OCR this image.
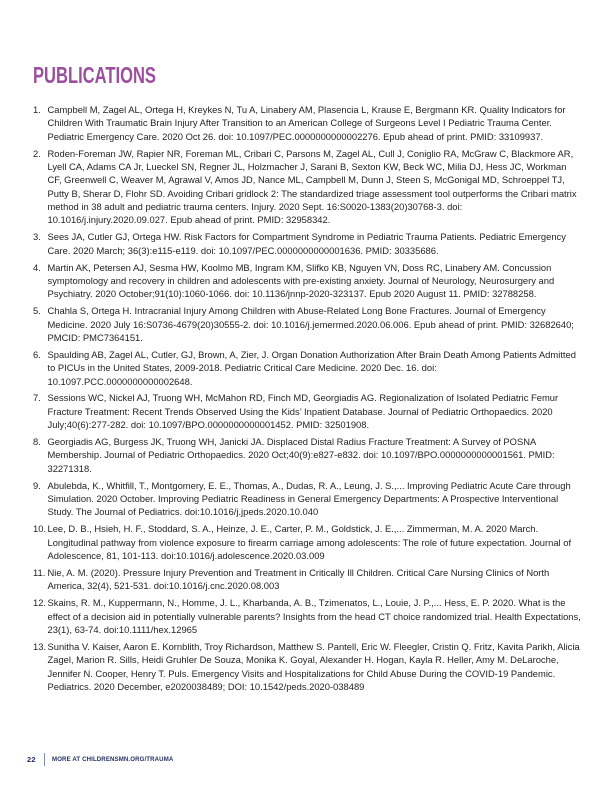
PUBLICATIONS
1. Campbell M, Zagel AL, Ortega H, Kreykes N, Tu A, Linabery AM, Plasencia L, Krause E, Bergmann KR. Quality Indicators for Children With Traumatic Brain Injury After Transition to an American College of Surgeons Level I Pediatric Trauma Center. Pediatric Emergency Care. 2020 Oct 26. doi: 10.1097/PEC.0000000000002276. Epub ahead of print. PMID: 33109937.
2. Roden-Foreman JW, Rapier NR, Foreman ML, Cribari C, Parsons M, Zagel AL, Cull J, Coniglio RA, McGraw C, Blackmore AR, Lyell CA, Adams CA Jr, Lueckel SN, Regner JL, Holzmacher J, Sarani B, Sexton KW, Beck WC, Milia DJ, Hess JC, Workman CF, Greenwell C, Weaver M, Agrawal V, Amos JD, Nance ML, Campbell M, Dunn J, Steen S, McGonigal MD, Schroeppel TJ, Putty B, Sherar D, Flohr SD. Avoiding Cribari gridlock 2: The standardized triage assessment tool outperforms the Cribari matrix method in 38 adult and pediatric trauma centers. Injury. 2020 Sept. 16:S0020-1383(20)30768-3. doi: 10.1016/j.injury.2020.09.027. Epub ahead of print. PMID: 32958342.
3. Sees JA, Cutler GJ, Ortega HW. Risk Factors for Compartment Syndrome in Pediatric Trauma Patients. Pediatric Emergency Care. 2020 March; 36(3):e115-e119. doi: 10.1097/PEC.0000000000001636. PMID: 30335686.
4. Martin AK, Petersen AJ, Sesma HW, Koolmo MB, Ingram KM, Slifko KB, Nguyen VN, Doss RC, Linabery AM. Concussion symptomology and recovery in children and adolescents with pre-existing anxiety. Journal of Neurology, Neurosurgery and Psychiatry. 2020 October;91(10):1060-1066. doi: 10.1136/jnnp-2020-323137. Epub 2020 August 11. PMID: 32788258.
5. Chahla S, Ortega H. Intracranial Injury Among Children with Abuse-Related Long Bone Fractures. Journal of Emergency Medicine. 2020 July 16:S0736-4679(20)30555-2. doi: 10.1016/j.jemermed.2020.06.006. Epub ahead of print. PMID: 32682640; PMCID: PMC7364151.
6. Spaulding AB, Zagel AL, Cutler, GJ, Brown, A, Zier, J. Organ Donation Authorization After Brain Death Among Patients Admitted to PICUs in the United States, 2009-2018. Pediatric Critical Care Medicine. 2020 Dec. 16. doi: 10.1097.PCC.0000000000002648.
7. Sessions WC, Nickel AJ, Truong WH, McMahon RD, Finch MD, Georgiadis AG. Regionalization of Isolated Pediatric Femur Fracture Treatment: Recent Trends Observed Using the Kids’ Inpatient Database. Journal of Pediatric Orthopaedics. 2020 July;40(6):277-282. doi: 10.1097/BPO.0000000000001452. PMID: 32501908.
8. Georgiadis AG, Burgess JK, Truong WH, Janicki JA. Displaced Distal Radius Fracture Treatment: A Survey of POSNA Membership. Journal of Pediatric Orthopaedics. 2020 Oct;40(9):e827-e832. doi: 10.1097/BPO.0000000000001561. PMID: 32271318.
9. Abulebda, K., Whitfill, T., Montgomery, E. E., Thomas, A., Dudas, R. A., Leung, J. S.,... Improving Pediatric Acute Care through Simulation. 2020 October. Improving Pediatric Readiness in General Emergency Departments: A Prospective Interventional Study. The Journal of Pediatrics. doi:10.1016/j.jpeds.2020.10.040
10. Lee, D. B., Hsieh, H. F., Stoddard, S. A., Heinze, J. E., Carter, P. M., Goldstick, J. E.,... Zimmerman, M. A. 2020 March. Longitudinal pathway from violence exposure to firearm carriage among adolescents: The role of future expectation. Journal of Adolescence, 81, 101-113. doi:10.1016/j.adolescence.2020.03.009
11. Nie, A. M. (2020). Pressure Injury Prevention and Treatment in Critically Ill Children. Critical Care Nursing Clinics of North America, 32(4), 521-531. doi:10.1016/j.cnc.2020.08.003
12. Skains, R. M., Kuppermann, N., Homme, J. L., Kharbanda, A. B., Tzimenatos, L., Louie, J. P.,... Hess, E. P. 2020. What is the effect of a decision aid in potentially vulnerable parents? Insights from the head CT choice randomized trial. Health Expectations, 23(1), 63-74. doi:10.1111/hex.12965
13. Sunitha V. Kaiser, Aaron E. Kornblith, Troy Richardson, Matthew S. Pantell, Eric W. Fleegler, Cristin Q. Fritz, Kavita Parikh, Alicia Zagel, Marion R. Sills, Heidi Gruhler De Souza, Monika K. Goyal, Alexander H. Hogan, Kayla R. Heller, Amy M. DeLaroche, Jennifer N. Cooper, Henry T. Puls. Emergency Visits and Hospitalizations for Child Abuse During the COVID-19 Pandemic. Pediatrics. 2020 December, e2020038489; DOI: 10.1542/peds.2020-038489
22 MORE AT CHILDRENSMN.ORG/TRAUMA
